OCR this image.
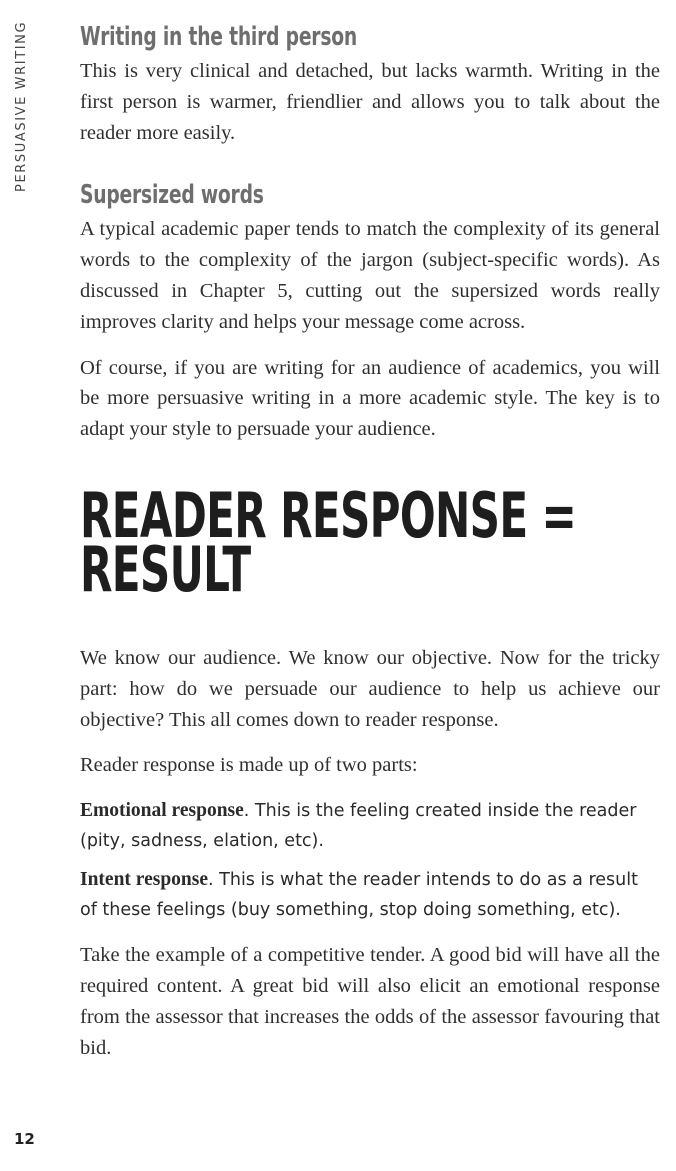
PERSUASIVE WRITING Writing in the third person

This is very clinical and detached, but lacks warmth. Writing in the first person is warmer, friendlier and allows you to talk about the reader more easily.

Supersized words

A typical academic paper tends to match the complexity of its general words to the complexity of the jargon (subject-specific words). As discussed in Chapter 5, cutting out the supersized words really improves clarity and helps your message come across.

Of course, if you are writing for an audience of academics, you will be more persuasive writing in a more academic style. The key is to adapt your style to persuade your audience.

READER RESPONSE =
RESULT

We know our audience. We know our objective. Now for the tricky part: how do we persuade our audience to help us achieve our objective? This all comes down to reader response.

Reader response is made up of two parts:

Emotional response. This is the feeling created inside the reader (pity, sadness, elation, etc).

Intent response. This is what the reader intends to do as a result of these feelings (buy something, stop doing something, etc).

Take the example of a competitive tender. A good bid will have all the required content. A great bid will also elicit an emotional response from the assessor that increases the odds of the assessor favouring that bid.

12
